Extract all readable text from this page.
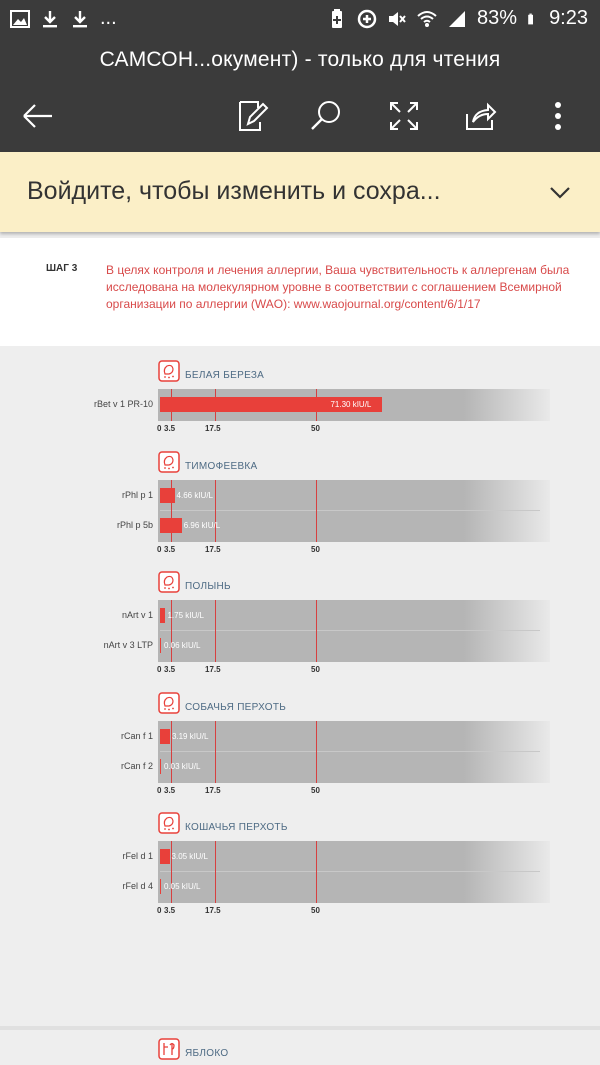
...	83% 9:23
САМСОН...окумент) - только для чтения
Войдите, чтобы изменить и сохра...
ШАГ 3 В целях контроля и лечения аллергии, Ваша чувствительность к аллергенам была исследована на молекулярном уровне в соответствии с соглашением Всемирной организации по аллергии (WAO): www.waojournal.org/content/6/1/17
БЕЛАЯ БЕРЕЗА
rBet v 1 PR-10	71.30 kIU/L
0 3.5	17.5	50
ТИМОФЕЕВКА
rPhl p 1	4.66 kIU/L
rPhl p 5b	6.96 kIU/L
0 3.5	17.5	50
ПОЛЫНЬ
nArt v 1 1.75 kIU/L
nArt v 3 LTP 0.06 kIU/L
0 3.5	17.5	50
СОБАЧЬЯ ПЕРХОТЬ
rCan f 1 3.19 kIU/L
rCan f 2 0.03 kIU/L
0 3.5	17.5	50
КОШАЧЬЯ ПЕРХОТЬ
rFel d 1 3.05 kIU/L
rFel d 4 0.05 kIU/L
0 3.5	17.5	50
ЯБЛОКО
